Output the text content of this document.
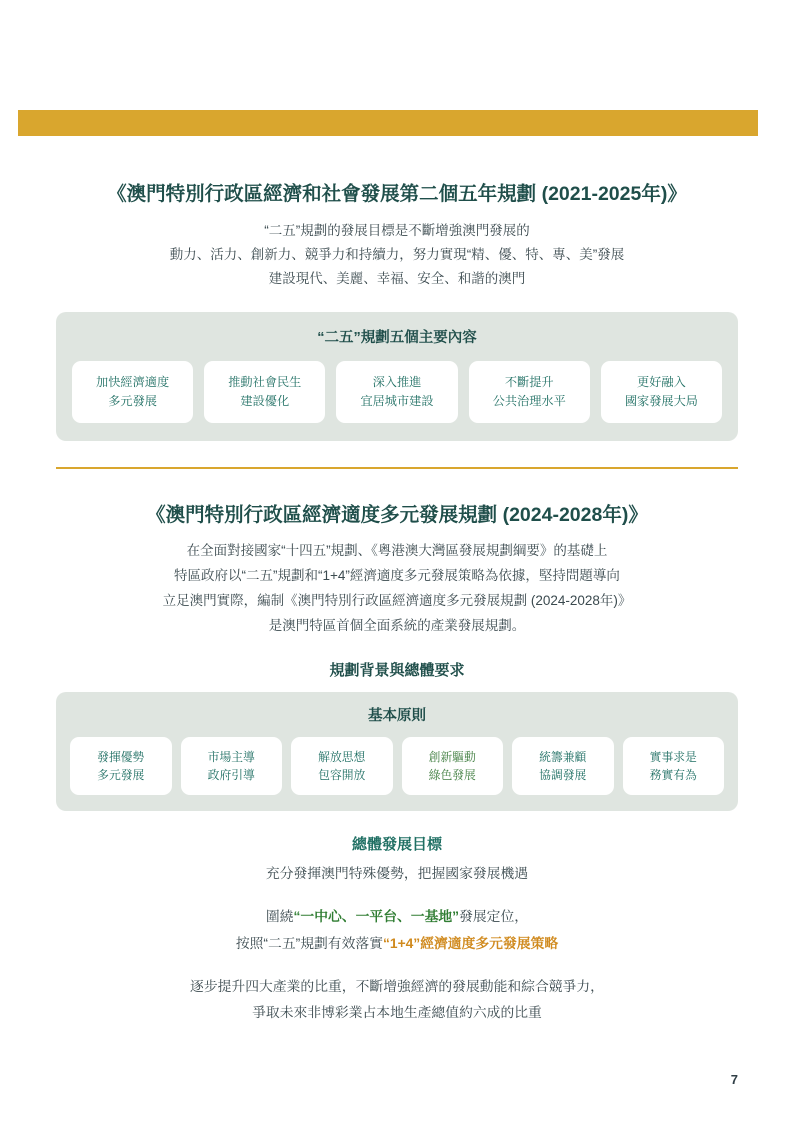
《澳門特別行政區經濟和社會發展第二個五年規劃 (2021-2025年)》
“二五”規劃的發展目標是不斷增強澳門發展的
動力、活力、創新力、競爭力和持續力，努力實現“精、優、特、專、美”發展
建設現代、美麗、幸福、安全、和諧的澳門
“二五”規劃五個主要內容
加快經濟適度
多元發展
推動社會民生
建設優化
深入推進
宜居城市建設
不斷提升
公共治理水平
更好融入
國家發展大局
《澳門特別行政區經濟適度多元發展規劃 (2024-2028年)》
在全面對接國家“十四五”規劃、《粵港澳大灣區發展規劃綱要》的基礎上
特區政府以“二五”規劃和“1+4”經濟適度多元發展策略為依據，堅持問題導向
立足澳門實際，編制《澳門特別行政區經濟適度多元發展規劃 (2024-2028年)》
是澳門特區首個全面系統的產業發展規劃。
規劃背景與總體要求
基本原則
發揮優勢
多元發展
市場主導
政府引導
解放思想
包容開放
創新驅動
綠色發展
統籌兼顧
協調發展
實事求是
務實有為
總體發展目標
充分發揮澳門特殊優勢，把握國家發展機遇
圍繞“一中心、一平台、一基地”發展定位，
按照“二五”規劃有效落實“1+4”經濟適度多元發展策略
逐步提升四大產業的比重，不斷增強經濟的發展動能和綜合競爭力，
爭取未來非博彩業占本地生產總值約六成的比重
7
